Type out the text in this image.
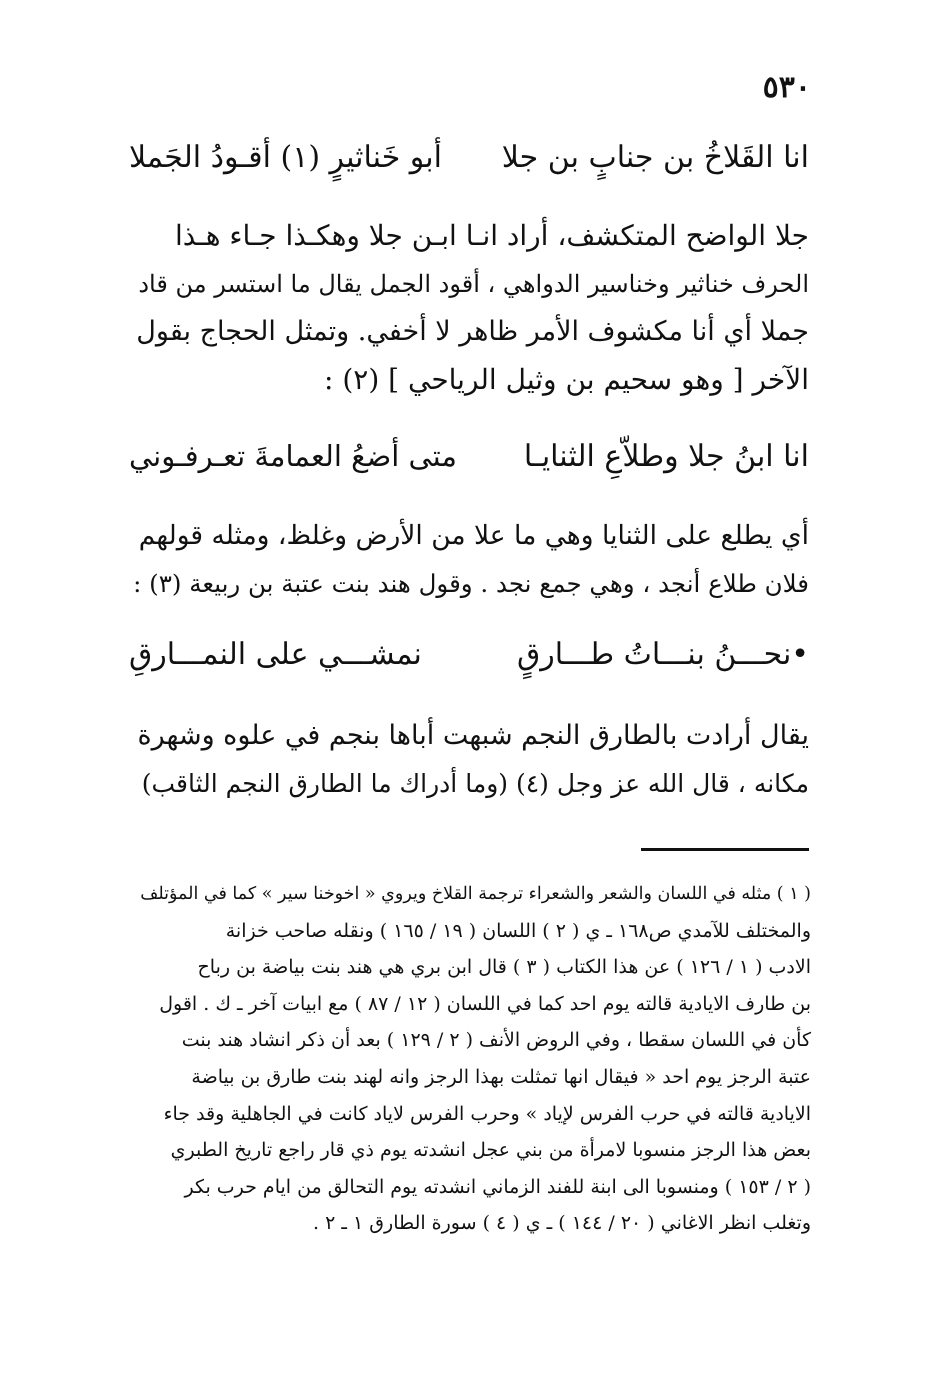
٥٣٠
انا القَلاخُ بن جنابٍ بن جلا
أبو خَناثيرٍ (١) أقـودُ الجَملا

جلا الواضح المتكشف، أراد انـا ابـن جلا وهكـذا جـاء هـذا

الحرف خناثير وخناسير الدواهي ، أقود الجمل يقال ما استسر من قاد

جملا أي أنا مكشوف الأمر ظاهر لا أخفي. وتمثل الحجاج بقول

الآخر [ وهو سحيم بن وثيل الرياحي ] (٢) :

انا ابنُ جلا وطلاّعِ الثنايـا
متى أضعُ العمامةَ تعـرفـوني

أي يطلع على الثنايا وهي ما علا من الأرض وغلظ، ومثله قولهم

فلان طلاع أنجد ، وهي جمع نجد . وقول هند بنت عتبة بن ربيعة (٣) :

•نحـــنُ بنـــاتُ طـــارقٍ
نمشـــي على النمـــارقِ

يقال أرادت بالطارق النجم شبهت أباها بنجم في علوه وشهرة

مكانه ، قال الله عز وجل (٤) (وما أدراك ما الطارق النجم الثاقب)

( ١ ) مثله في اللسان والشعر والشعراء ترجمة القلاخ ويروي « اخوخنا سير » كما في المؤتلف
والمختلف للآمدي ص١٦٨ ـ ي ( ٢ ) اللسان ( ١٩ / ١٦٥ ) ونقله صاحب خزانة
الادب ( ١ / ١٢٦ ) عن هذا الكتاب ( ٣ ) قال ابن بري هي هند بنت بياضة بن رباح
بن طارف الايادية قالته يوم احد كما في اللسان ( ١٢ / ٨٧ ) مع ابيات آخر ـ ك . اقول
كأن في اللسان سقطا ، وفي الروض الأنف ( ٢ / ١٢٩ ) بعد أن ذكر انشاد هند بنت
عتبة الرجز يوم احد « فيقال انها تمثلت بهذا الرجز وانه لهند بنت طارق بن بياضة
الايادية قالته في حرب الفرس لإياد » وحرب الفرس لاياد كانت في الجاهلية وقد جاء
بعض هذا الرجز منسوبا لامرأة من بني عجل انشدته يوم ذي قار راجع تاريخ الطبري
( ٢ / ١٥٣ ) ومنسوبا الى ابنة للفند الزماني انشدته يوم التحالق من ايام حرب بكر
وتغلب انظر الاغاني ( ٢٠ / ١٤٤ ) ـ ي ( ٤ ) سورة الطارق ١ ـ ٢ .
